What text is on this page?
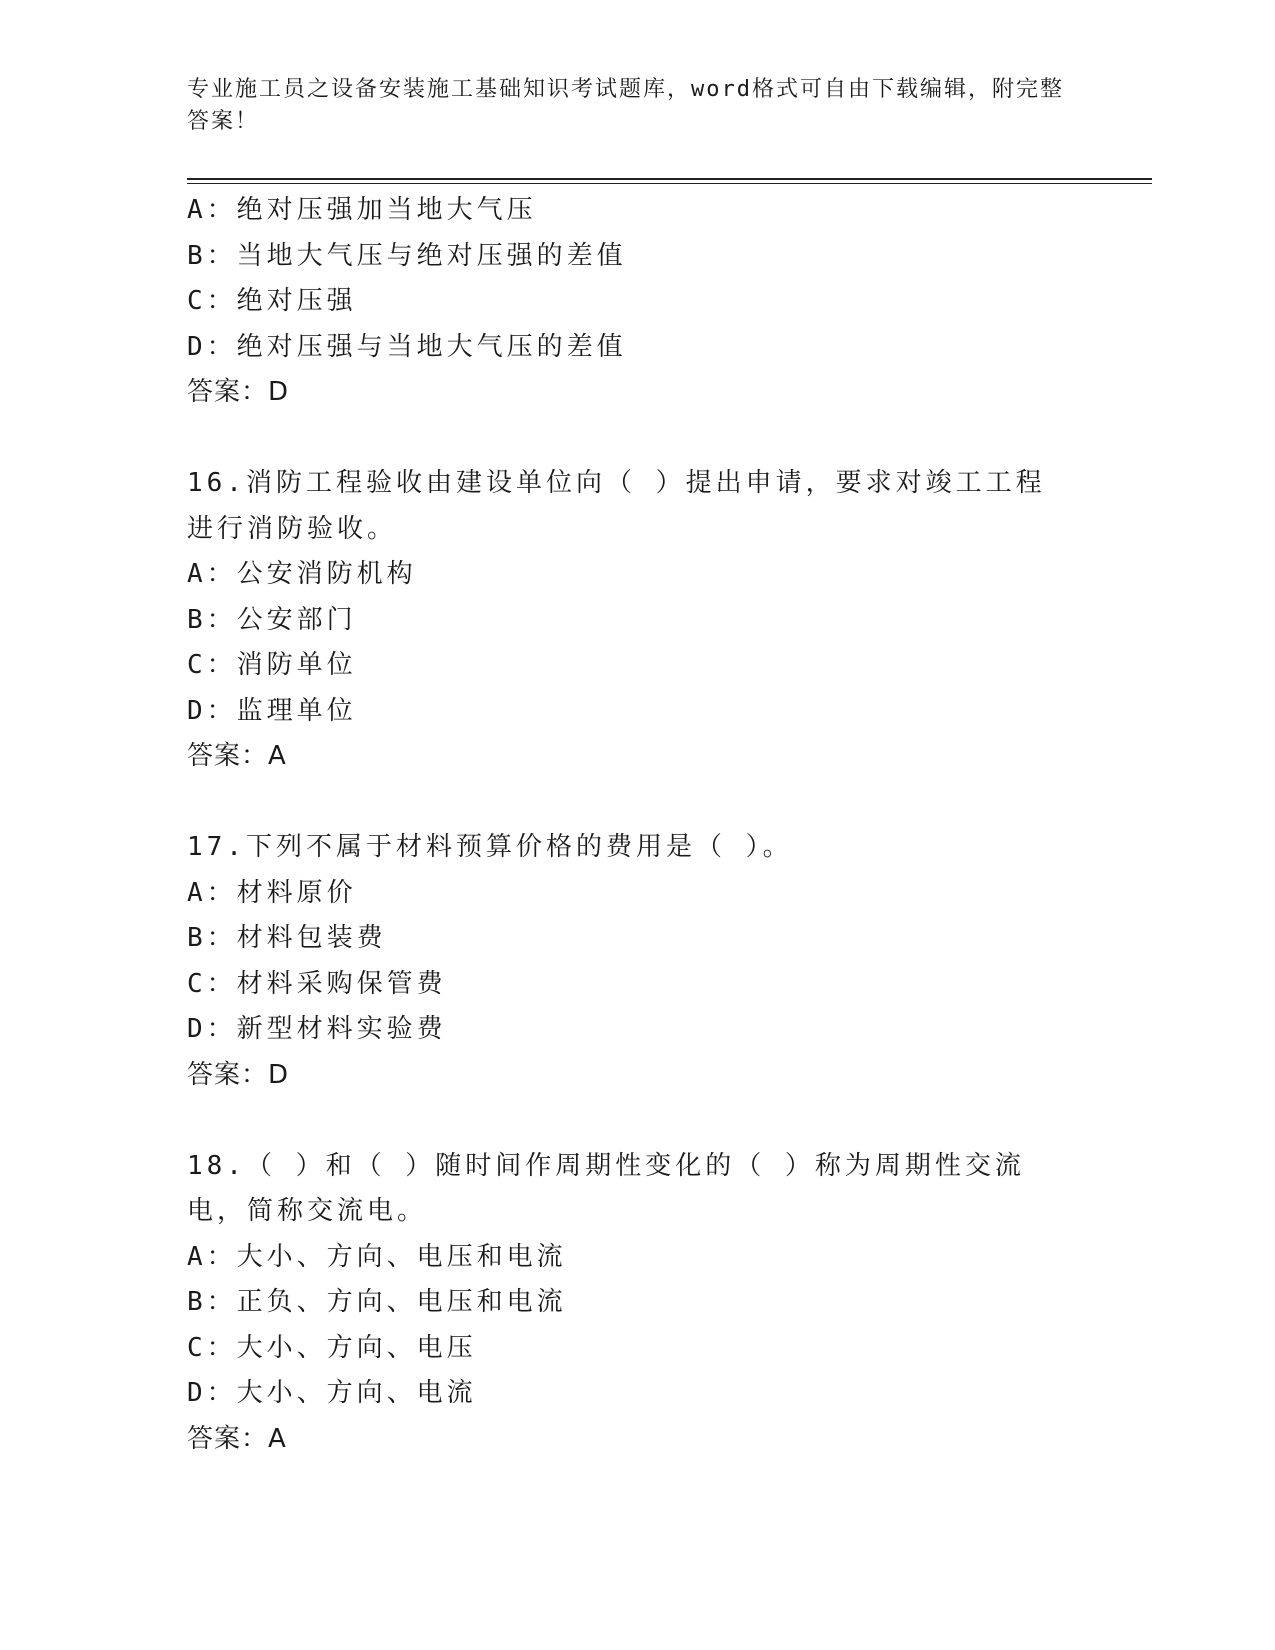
专业施工员之设备安装施工基础知识考试题库，word格式可自由下载编辑，附完整答案！
A：绝对压强加当地大气压
B：当地大气压与绝对压强的差值
C：绝对压强
D：绝对压强与当地大气压的差值
答案：D
16.消防工程验收由建设单位向（ ）提出申请，要求对竣工工程进行消防验收。
A：公安消防机构
B：公安部门
C：消防单位
D：监理单位
答案：A
17.下列不属于材料预算价格的费用是（ ）。
A：材料原价
B：材料包装费
C：材料采购保管费
D：新型材料实验费
答案：D
18.（ ）和（ ）随时间作周期性变化的（ ）称为周期性交流电，简称交流电。
A：大小、方向、电压和电流
B：正负、方向、电压和电流
C：大小、方向、电压
D：大小、方向、电流
答案：A
